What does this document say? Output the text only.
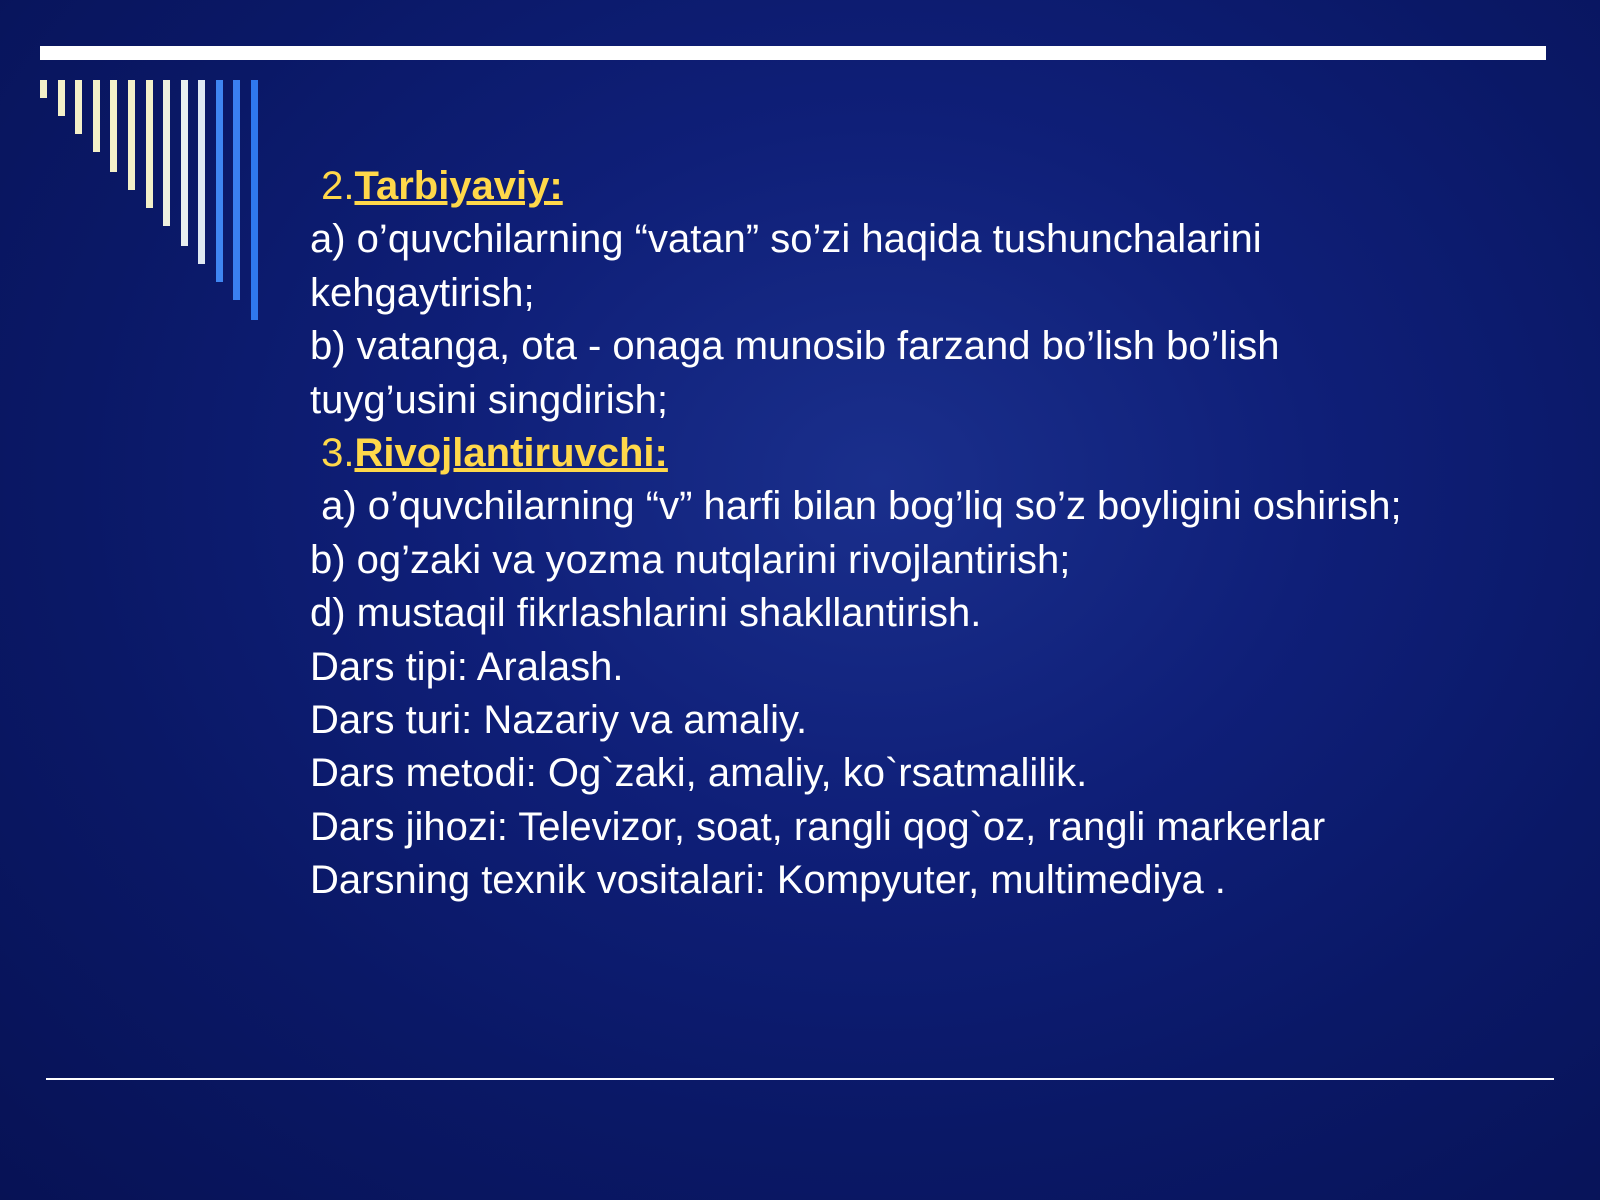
2.Tarbiyaviy:
a) o’quvchilarning “vatan” so’zi haqida tushunchalarini
kehgaytirish;
b) vatanga, ota - onaga munosib farzand bo’lish bo’lish
tuyg’usini singdirish;
3.Rivojlantiruvchi:
a) o’quvchilarning “v” harfi bilan bog’liq so’z boyligini oshirish;
b) og’zaki va yozma nutqlarini rivojlantirish;
d) mustaqil fikrlashlarini shakllantirish.
Dars tipi: Aralash.
Dars turi: Nazariy va amaliy.
Dars metodi: Og`zaki, amaliy, ko`rsatmalilik.
Dars jihozi: Televizor, soat, rangli qog`oz, rangli markerlar
Darsning texnik vositalari: Kompyuter, multimediya .
